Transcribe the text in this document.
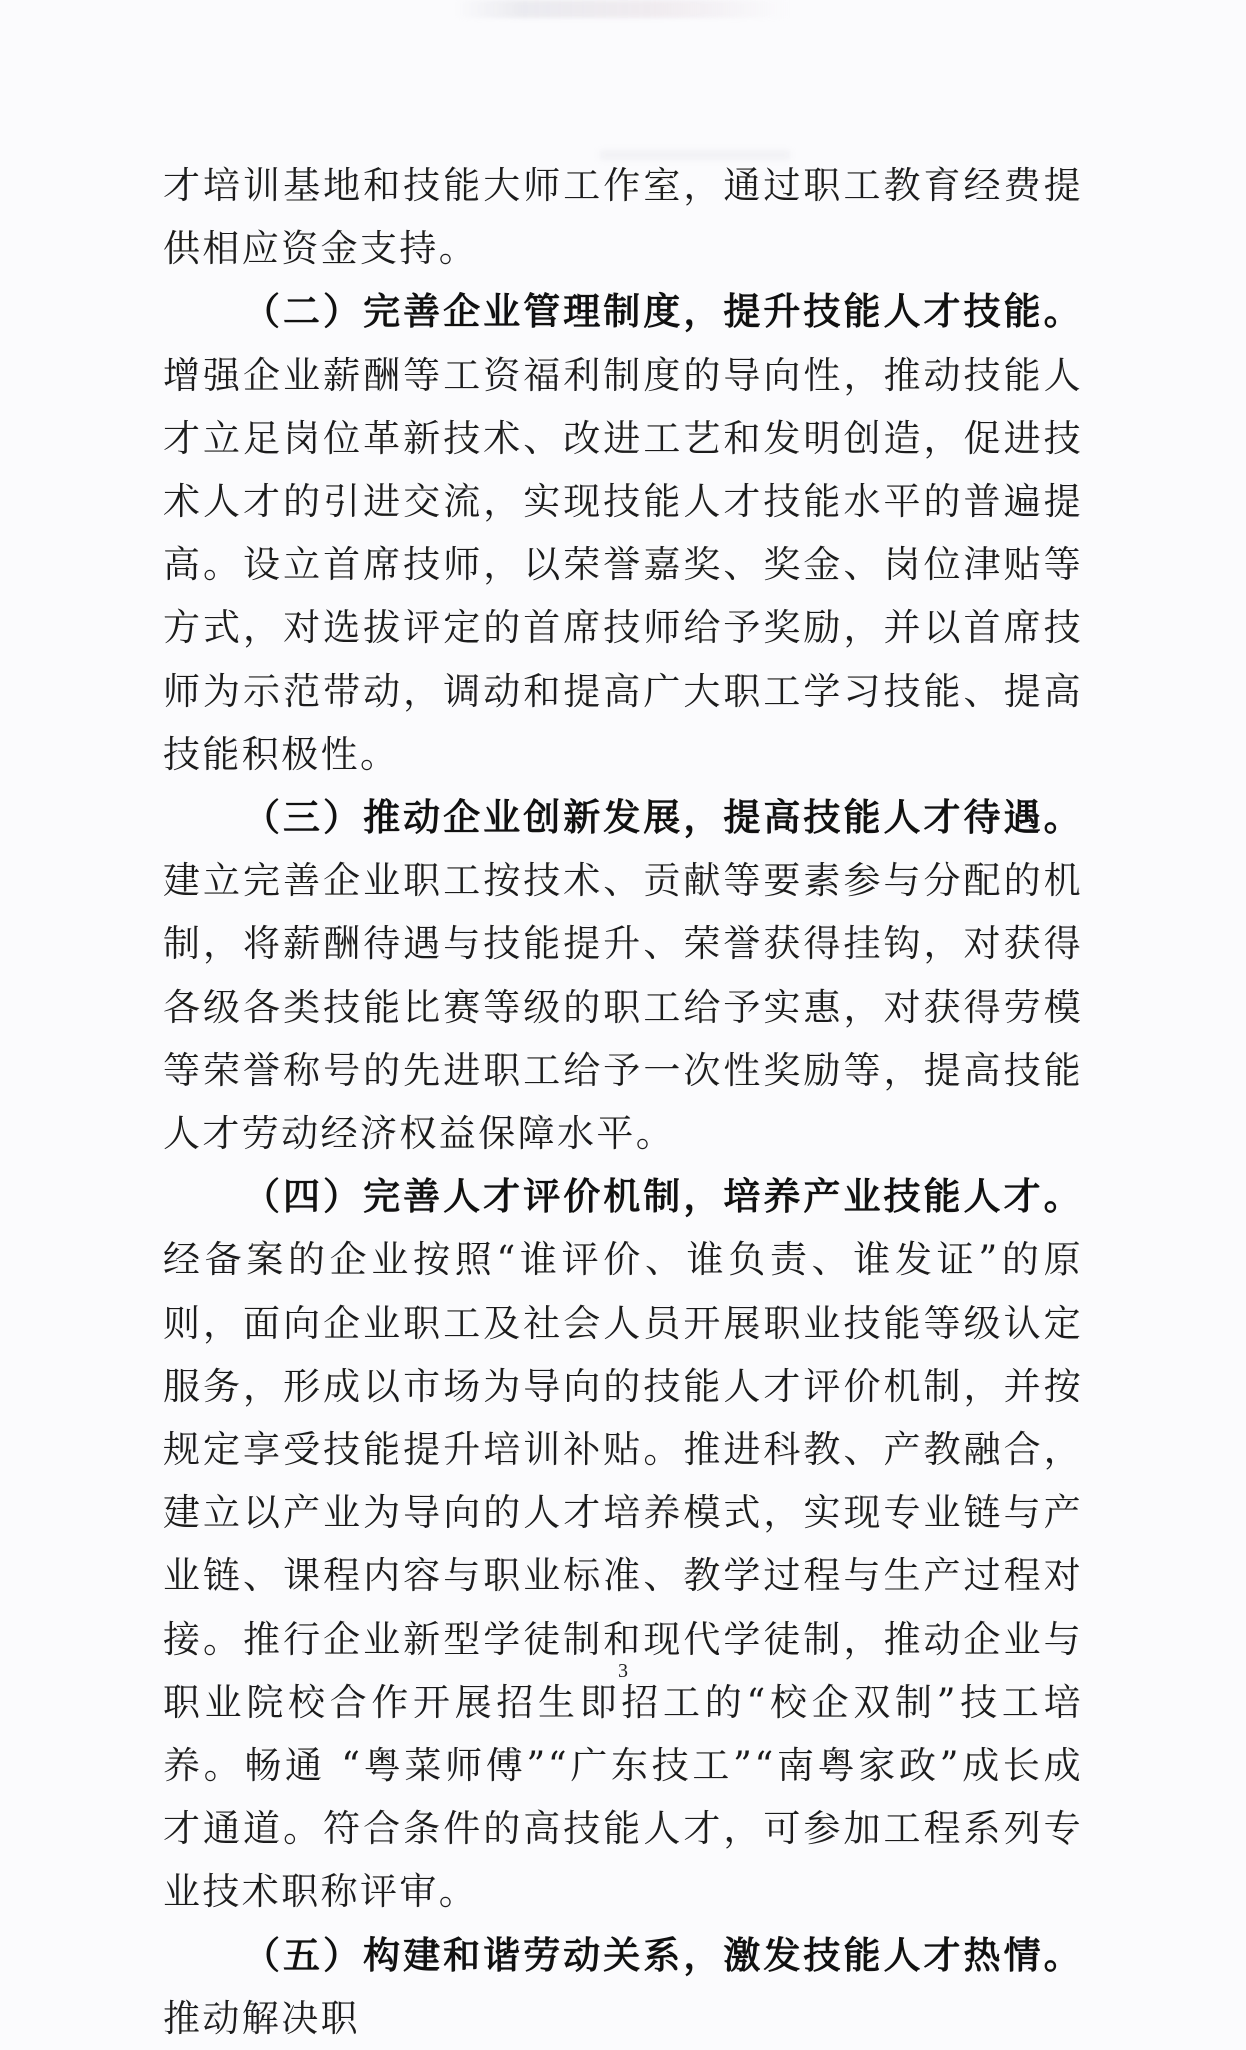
才培训基地和技能大师工作室，通过职工教育经费提供相应资金支持。

（二）完善企业管理制度，提升技能人才技能。增强企业薪酬等工资福利制度的导向性，推动技能人才立足岗位革新技术、改进工艺和发明创造，促进技术人才的引进交流，实现技能人才技能水平的普遍提高。设立首席技师，以荣誉嘉奖、奖金、岗位津贴等方式，对选拔评定的首席技师给予奖励，并以首席技师为示范带动，调动和提高广大职工学习技能、提高技能积极性。

（三）推动企业创新发展，提高技能人才待遇。建立完善企业职工按技术、贡献等要素参与分配的机制，将薪酬待遇与技能提升、荣誉获得挂钩，对获得各级各类技能比赛等级的职工给予实惠，对获得劳模等荣誉称号的先进职工给予一次性奖励等，提高技能人才劳动经济权益保障水平。

（四）完善人才评价机制，培养产业技能人才。经备案的企业按照“谁评价、谁负责、谁发证”的原则，面向企业职工及社会人员开展职业技能等级认定服务，形成以市场为导向的技能人才评价机制，并按规定享受技能提升培训补贴。推进科教、产教融合，建立以产业为导向的人才培养模式，实现专业链与产业链、课程内容与职业标准、教学过程与生产过程对接。推行企业新型学徒制和现代学徒制，推动企业与职业院校合作开展招生即招工的“校企双制”技工培养。畅通 “粤菜师傅”“广东技工”“南粤家政”成长成才通道。符合条件的高技能人才，可参加工程系列专业技术职称评审。

（五）构建和谐劳动关系，激发技能人才热情。推动解决职

3
